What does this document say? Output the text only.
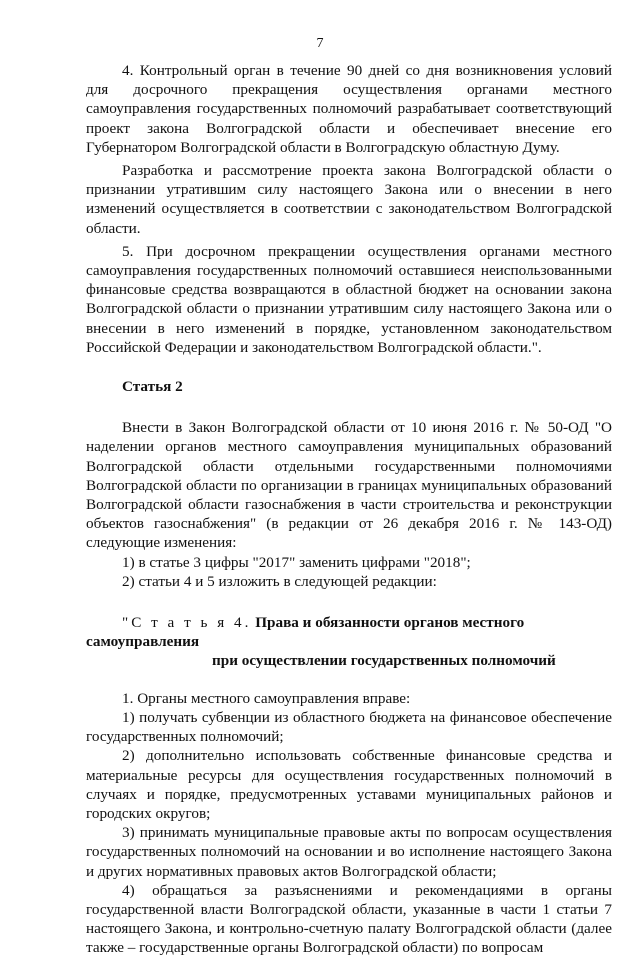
7

4. Контрольный орган в течение 90 дней со дня возникновения условий для досрочного прекращения осуществления органами местного самоуправления государственных полномочий разрабатывает соответствующий проект закона Волгоградской области и обеспечивает внесение его Губернатором Волгоградской области в Волгоградскую областную Думу.

Разработка и рассмотрение проекта закона Волгоградской области о признании утратившим силу настоящего Закона или о внесении в него изменений осуществляется в соответствии с законодательством Волгоградской области.

5. При досрочном прекращении осуществления органами местного самоуправления государственных полномочий оставшиеся неиспользованными финансовые средства возвращаются в областной бюджет на основании закона Волгоградской области о признании утратившим силу настоящего Закона или о внесении в него изменений в порядке, установленном законодательством Российской Федерации и законодательством Волгоградской области.".

Статья 2

Внести в Закон Волгоградской области от 10 июня 2016 г. № 50-ОД "О наделении органов местного самоуправления муниципальных образований Волгоградской области отдельными государственными полномочиями Волгоградской области по организации в границах муниципальных образований Волгоградской области газоснабжения в части строительства и реконструкции объектов газоснабжения" (в редакции от 26 декабря 2016 г. № 143-ОД) следующие изменения:

1) в статье 3 цифры "2017" заменить цифрами "2018";

2) статьи 4 и 5 изложить в следующей редакции:

"С т а т ь я 4. Права и обязанности органов местного самоуправления
при осуществлении государственных полномочий

1. Органы местного самоуправления вправе:

1) получать субвенции из областного бюджета на финансовое обеспечение государственных полномочий;

2) дополнительно использовать собственные финансовые средства и материальные ресурсы для осуществления государственных полномочий в случаях и порядке, предусмотренных уставами муниципальных районов и городских округов;

3) принимать муниципальные правовые акты по вопросам осуществления государственных полномочий на основании и во исполнение настоящего Закона и других нормативных правовых актов Волгоградской области;

4) обращаться за разъяснениями и рекомендациями в органы государственной власти Волгоградской области, указанные в части 1 статьи 7 настоящего Закона, и контрольно-счетную палату Волгоградской области (далее также – государственные органы Волгоградской области) по вопросам
